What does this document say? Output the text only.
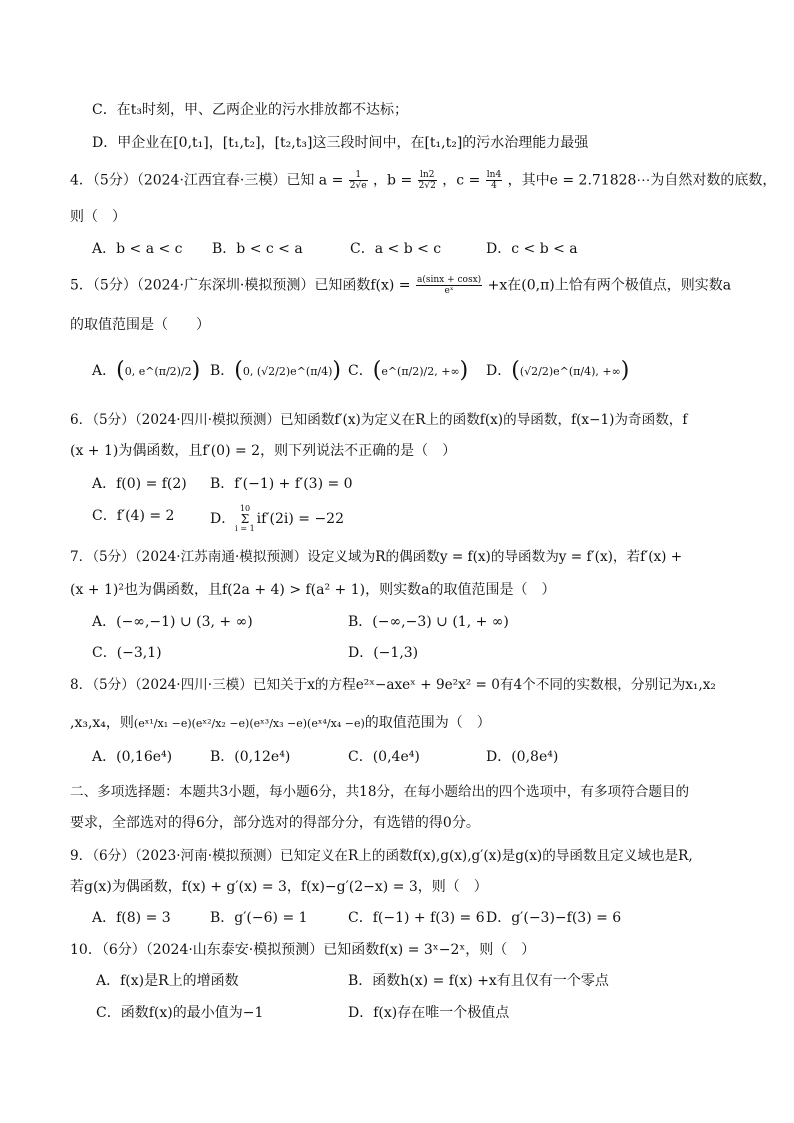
C．在t₃时刻，甲、乙两企业的污水排放都不达标；
D．甲企业在[0,t₁]，[t₁,t₂]，[t₂,t₃]这三段时间中，在[t₁,t₂]的污水治理能力最强
4．（5分）（2024·江西宜春·三模）已知 $a = \frac{1}{2√e}$ ，$b = \frac{\ln 2}{2√2}$ ，$c = \frac{\ln 4}{4}$ ，其中e = 2.71828⋯为自然对数的底数，
则（　）
A．b < a < c B．b < c < a	C．a < b < c	D．c < b < a
5．（5分）（2024·广东深圳·模拟预测）已知函数$f(x) = \frac{a(\sin x + \cos x)}{\text{eˣ}} +x$在(0,π)上恰有两个极值点，则实数a
的取值范围是（　　）
A．(0, e^(π/2)/2) B．(0, (√2/2)e^(π/4)) C．(e^(π/2)/2, +∞) D．((√2/2)e^(π/4), +∞)
6．（5分）（2024·四川·模拟预测）已知函数f′(x)为定义在R上的函数f(x)的导函数，f(x−1)为奇函数，f
(x + 1)为偶函数，且f′(0) = 2，则下列说法不正确的是（　）
A．f(0) = f(2) B．f′(−1) + f′(3) = 0
C．f′(4) = 2	D．
10
Σ
i = 1
if′(2i) = −22
7．（5分）（2024·江苏南通·模拟预测）设定义域为R的偶函数y = f(x)的导函数为y = f′(x)，若f′(x) +
(x + 1)²也为偶函数，且f(2a + 4) > f(a² + 1)，则实数a的取值范围是（　）
A．(−∞,−1) ∪ (3, + ∞)	B．(−∞,−3) ∪ (1, + ∞)
C．(−3,1)	D．(−1,3)
8．（5分）（2024·四川·三模）已知关于x的方程e²ˣ−axeˣ + 9e²x² = 0有4个不同的实数根，分别记为x₁,x₂
,x₃,x₄，则(eˣ¹/x₁ −e)(eˣ²/x₂ −e)(eˣ³/x₃ −e)(eˣ⁴/x₄ −e)的取值范围为（　）
A．(0,16e⁴)	B．(0,12e⁴)	C．(0,4e⁴)	D．(0,8e⁴)
二、多项选择题：本题共3小题，每小题6分，共18分，在每小题给出的四个选项中，有多项符合题目的
要求，全部选对的得6分，部分选对的得部分分，有选错的得0分。
9．（6分）（2023·河南·模拟预测）已知定义在R上的函数f(x),g(x),g′(x)是g(x)的导函数且定义域也是R,
若g(x)为偶函数，f(x) + g′(x) = 3，f(x)−g′(2−x) = 3，则（　）
A．f(8) = 3	B．g′(−6) = 1	C．f(−1) + f(3) = 6 D．g′(−3)−f(3) = 6
10．（6分）（2024·山东泰安·模拟预测）已知函数f(x) = 3ˣ−2ˣ，则（　）
A．f(x)是R上的增函数	B．函数h(x) = f(x) +x有且仅有一个零点
C．函数f(x)的最小值为−1	D．f(x)存在唯一个极值点
